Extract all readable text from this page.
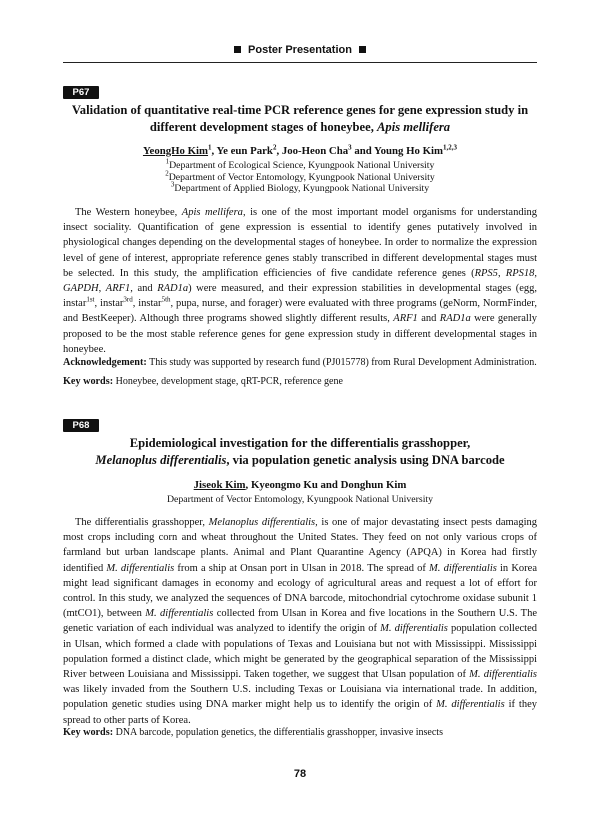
Poster Presentation
P67
Validation of quantitative real-time PCR reference genes for gene expression study in
different development stages of honeybee, Apis mellifera
YeongHo Kim$^1$, Ye eun Park$^2$, Joo-Heon Cha$^3$ and Young Ho Kim$^{1,2,3}$
$^1$Department of Ecological Science, Kyungpook National University
$^2$Department of Vector Entomology, Kyungpook National University
$^3$Department of Applied Biology, Kyungpook National University

The Western honeybee, Apis mellifera, is one of the most important model organisms for understanding insect sociality. Quantification of gene expression is essential to identify genes putatively involved in physiological changes depending on the developmental stages of honeybee. In order to normalize the expression level of gene of interest, appropriate reference genes stably transcribed in different developmental stages must be selected. In this study, the amplification efficiencies of five candidate reference genes (RPS5, RPS18, GAPDH, ARF1, and RAD1a) were measured, and their expression stabilities in developmental stages (egg, instar$^{1st}$, instar$^{3rd}$, instar$^{5th}$, pupa, nurse, and forager) were evaluated with three programs (geNorm, NormFinder, and BestKeeper). Although three programs showed slightly different results, ARF1 and RAD1a were generally proposed to be the most stable reference genes for gene expression study in different developmental stages in honeybee.

Acknowledgement: This study was supported by research fund (PJ015778) from Rural Development Administration.
Key words: Honeybee, development stage, qRT-PCR, reference gene
P68
Epidemiological investigation for the differentialis grasshopper,
Melanoplus differentialis, via population genetic analysis using DNA barcode
Jiseok Kim, Kyeongmo Ku and Donghun Kim
Department of Vector Entomology, Kyungpook National University

The differentialis grasshopper, Melanoplus differentialis, is one of major devastating insect pests damaging most crops including corn and wheat throughout the United States. They feed on not only various crops of farmland but urban landscape plants. Animal and Plant Quarantine Agency (APQA) in Korea had firstly identified M. differentialis from a ship at Onsan port in Ulsan in 2018. The spread of M. differentialis in Korea might lead significant damages in economy and ecology of agricultural areas and request a lot of effort for control. In this study, we analyzed the sequences of DNA barcode, mitochondrial cytochrome oxidase subunit 1 (mtCO1), between M. differentialis collected from Ulsan in Korea and five locations in the Southern U.S. The genetic variation of each individual was analyzed to identify the origin of M. differentialis population collected in Ulsan, which formed a clade with populations of Texas and Louisiana but not with Mississippi. Mississippi population formed a distinct clade, which might be generated by the geographical separation of the Mississippi River between Louisiana and Mississippi. Taken together, we suggest that Ulsan population of M. differentialis was likely invaded from the Southern U.S. including Texas or Louisiana via international trade. In addition, population genetic studies using DNA marker might help us to identify the origin of M. differentialis if they spread to other parts of Korea.

Key words: DNA barcode, population genetics, the differentialis grasshopper, invasive insects
78
